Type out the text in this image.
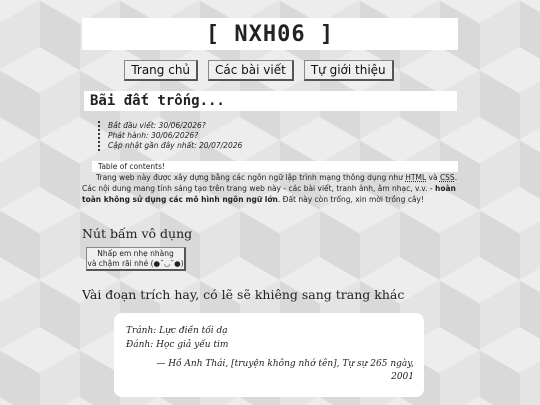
[ NXH06 ]
Trang chủ	Các bài viết	Tự giới thiệu
Bãi đất trống...
Bắt đầu viết: 30/06/2026?
Phát hành: 30/06/2026?
Cập nhật gần đây nhất: 20/07/2026
Table of contents!
Trang web này được xây dựng bằng các ngôn ngữ lập trình mạng thông dụng như HTML và CSS. Các nội dung mang tính sáng tạo trên trang web này - các bài viết, tranh ảnh, âm nhạc, v.v. - hoàn toàn không sử dụng các mô hình ngôn ngữ lớn. Đất này còn trống, xin mời trồng cây!
Nút bấm vô dụng
Nhấp em nhẹ nhàng
và chậm rãi nhé (●˘◡˘●)
Vài đoạn trích hay, có lẽ sẽ khiêng sang trang khác
Tránh: Lực điền tối dạ
Đánh: Học giả yếu tim
— Hồ Anh Thái, [truyện không nhớ tên], Tự sự 265 ngày,
2001
